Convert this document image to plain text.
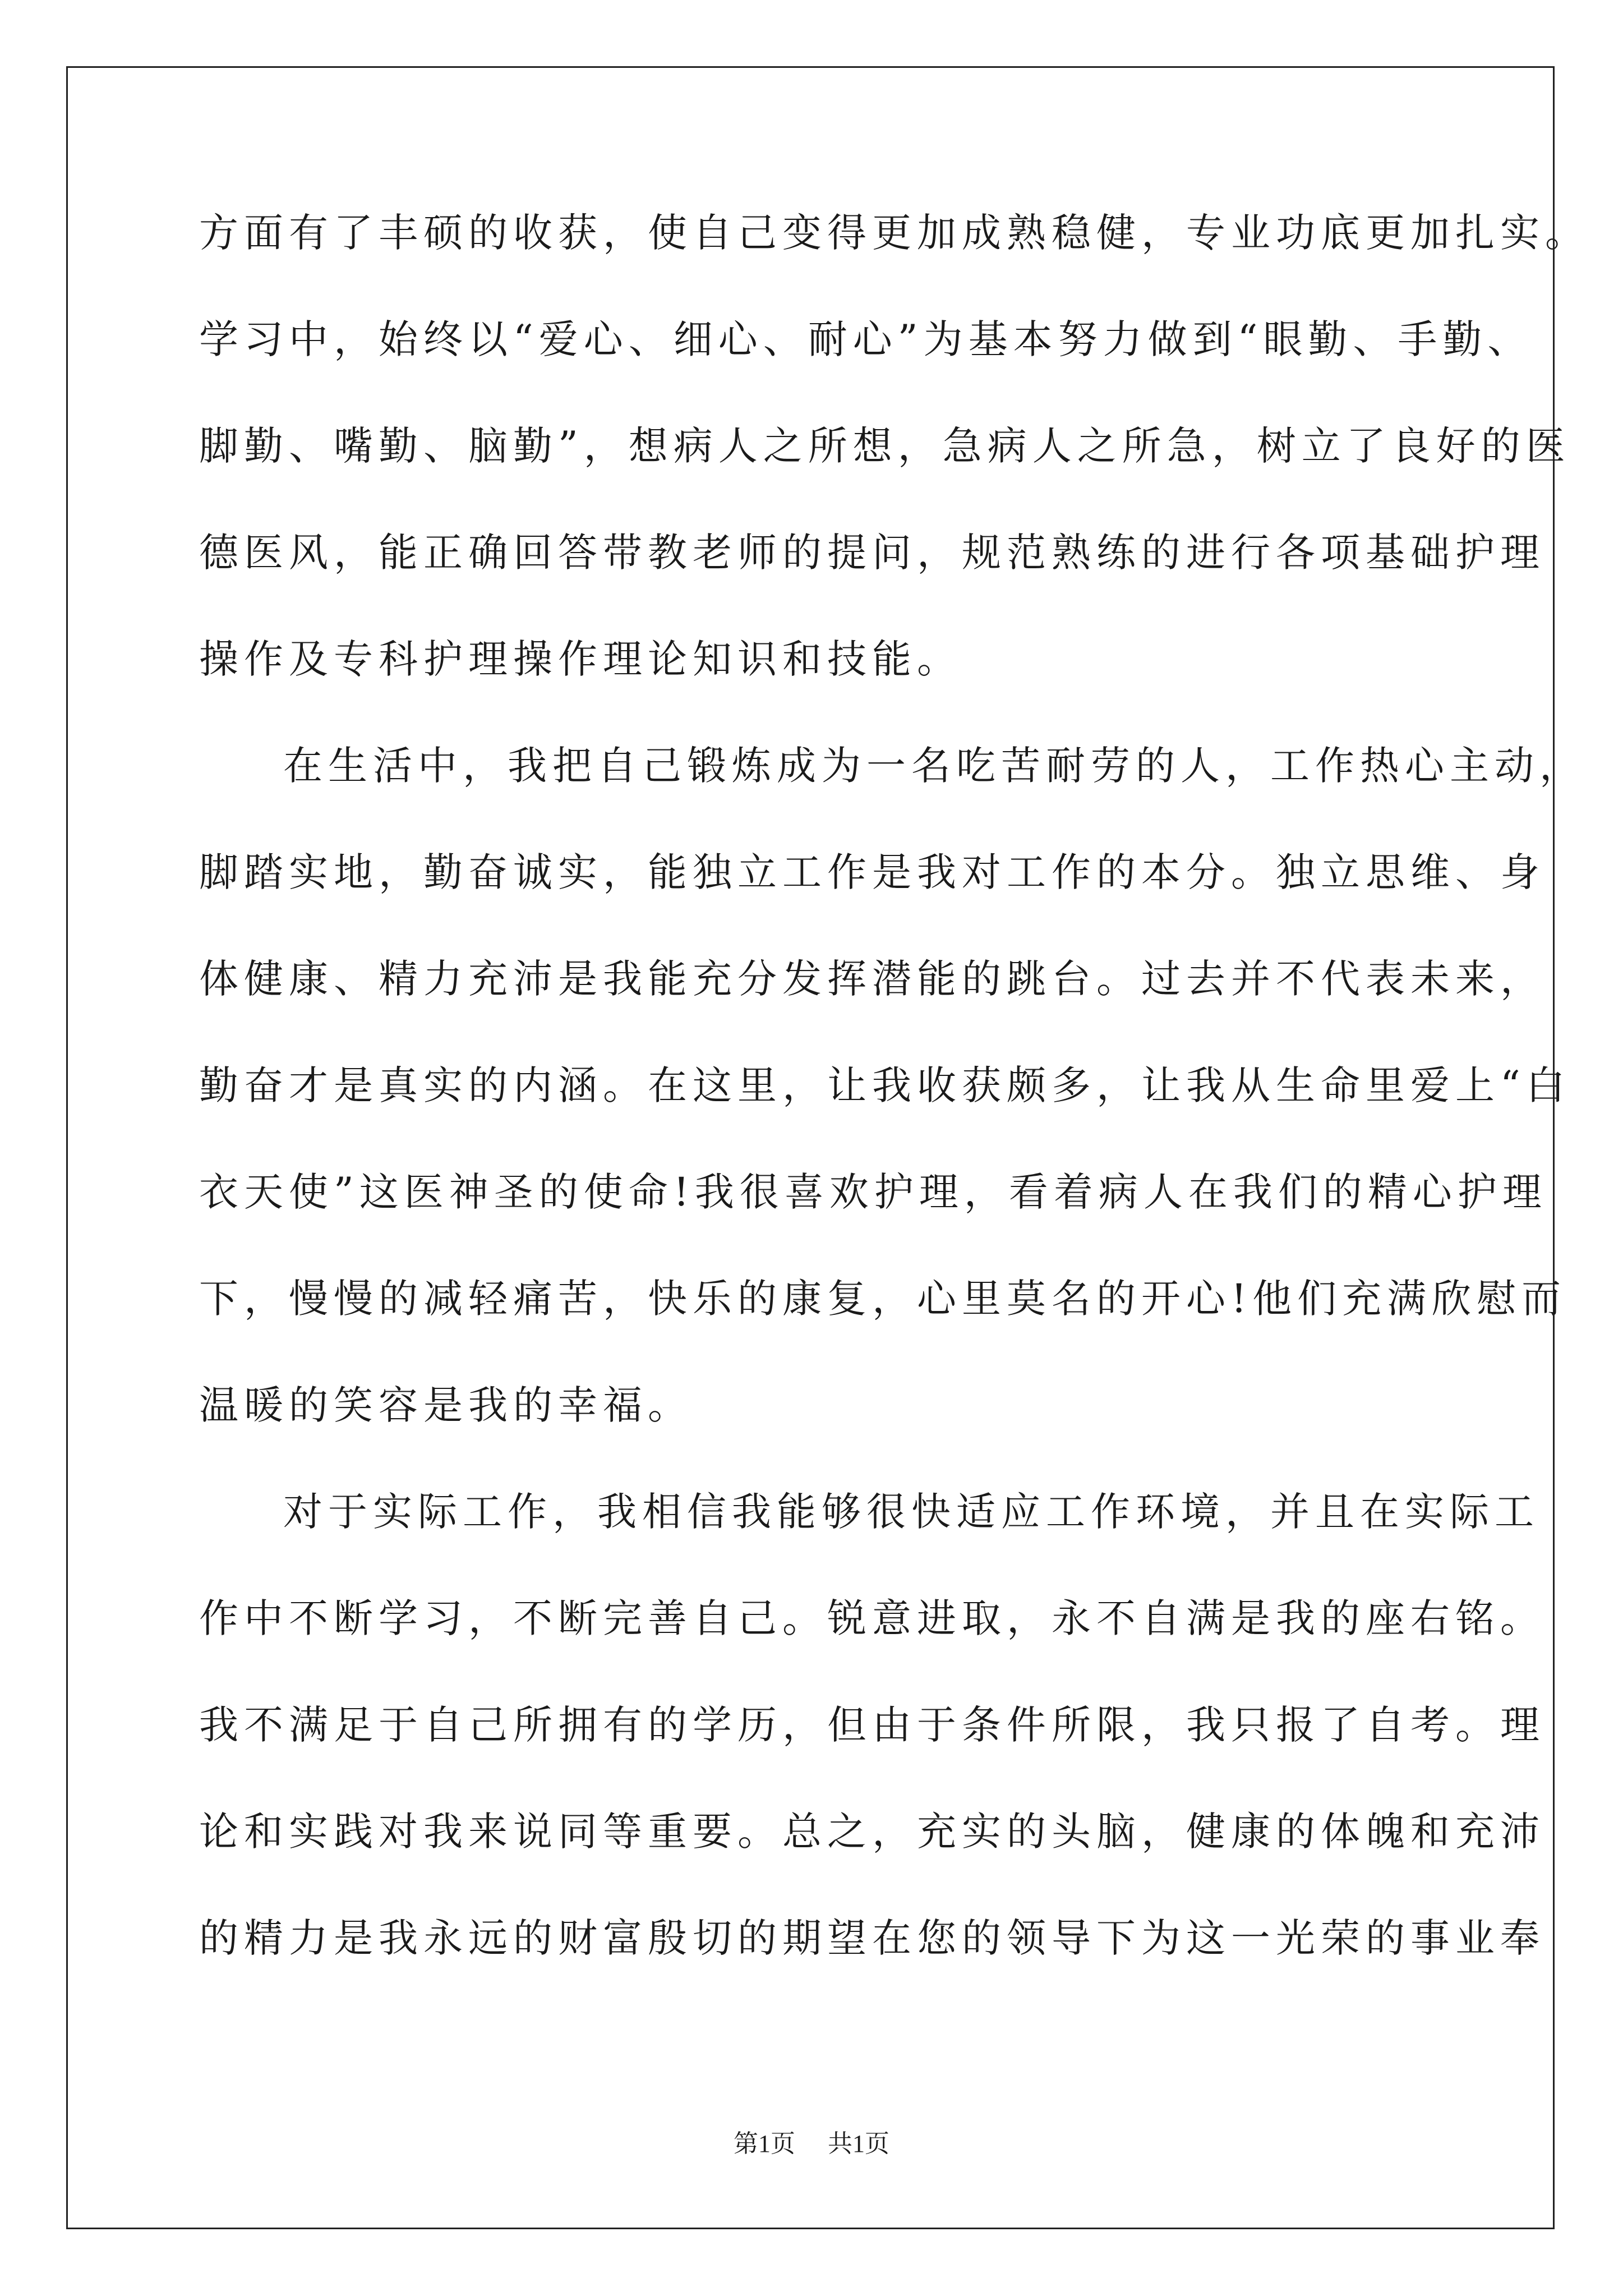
方面有了丰硕的收获，使自己变得更加成熟稳健，专业功底更加扎实。
学习中，始终以“爱心、细心、耐心”为基本努力做到“眼勤、手勤、
脚勤、嘴勤、脑勤”，想病人之所想，急病人之所急，树立了良好的医
德医风，能正确回答带教老师的提问，规范熟练的进行各项基础护理
操作及专科护理操作理论知识和技能。
在生活中，我把自己锻炼成为一名吃苦耐劳的人，工作热心主动，
脚踏实地，勤奋诚实，能独立工作是我对工作的本分。独立思维、身
体健康、精力充沛是我能充分发挥潜能的跳台。过去并不代表未来，
勤奋才是真实的内涵。在这里，让我收获颇多，让我从生命里爱上“白
衣天使”这医神圣的使命!我很喜欢护理，看着病人在我们的精心护理
下，慢慢的减轻痛苦，快乐的康复，心里莫名的开心!他们充满欣慰而
温暖的笑容是我的幸福。
对于实际工作，我相信我能够很快适应工作环境，并且在实际工
作中不断学习，不断完善自己。锐意进取，永不自满是我的座右铭。
我不满足于自己所拥有的学历，但由于条件所限，我只报了自考。理
论和实践对我来说同等重要。总之，充实的头脑，健康的体魄和充沛
的精力是我永远的财富殷切的期望在您的领导下为这一光荣的事业奉
第1页 共1页
